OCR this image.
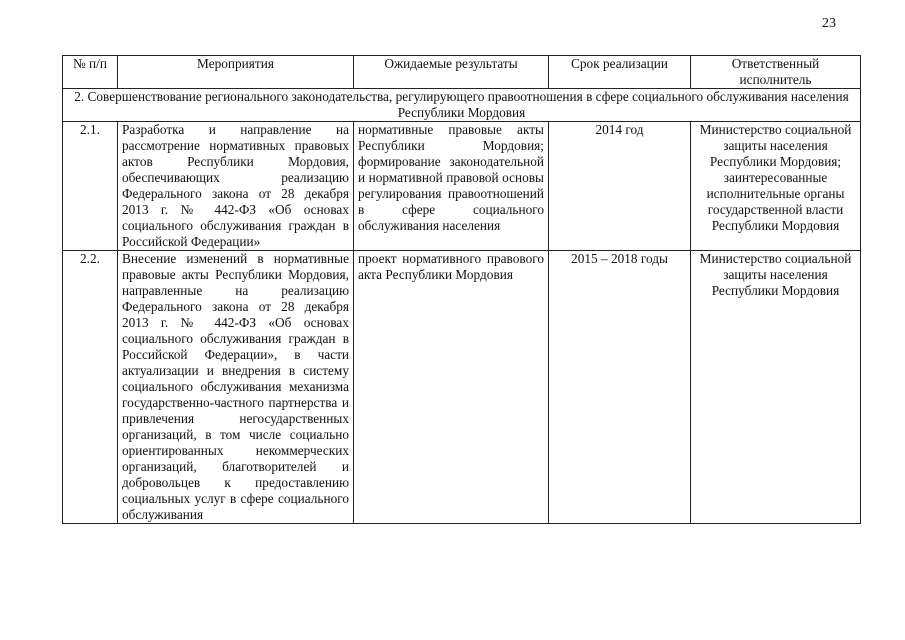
23
№ п/п	Мероприятия	Ожидаемые результаты	Срок реализации	Ответственный исполнитель
2. Совершенствование регионального законодательства, регулирующего правоотношения в сфере социального обслуживания населения Республики Мордовия				
2.1.	Разработка и направление на рассмотрение нормативных правовых актов Республики Мордовия, обеспечивающих реализацию Федерального закона от 28 декабря 2013 г. № 442-ФЗ «Об основах социального обслуживания граждан в Российской Федерации»	нормативные правовые акты Республики Мордовия; формирование законодательной и нормативной правовой основы регулирования правоотношений в сфере социального обслуживания населения	2014 год	Министерство социальной защиты населения Республики Мордовия; заинтересованные исполнительные органы государственной власти Республики Мордовия
2.2.	Внесение изменений в нормативные правовые акты Республики Мордовия, направленные на реализацию Федерального закона от 28 декабря 2013 г. № 442-ФЗ «Об основах социального обслуживания граждан в Российской Федерации», в части актуализации и внедрения в систему социального обслуживания механизма государственно-частного партнерства и привлечения негосударственных организаций, в том числе социально ориентированных некоммерческих организаций, благотворителей и добровольцев к предоставлению социальных услуг в сфере социального обслуживания	проект нормативного правового акта Республики Мордовия	2015 – 2018 годы	Министерство социальной защиты населения Республики Мордовия
